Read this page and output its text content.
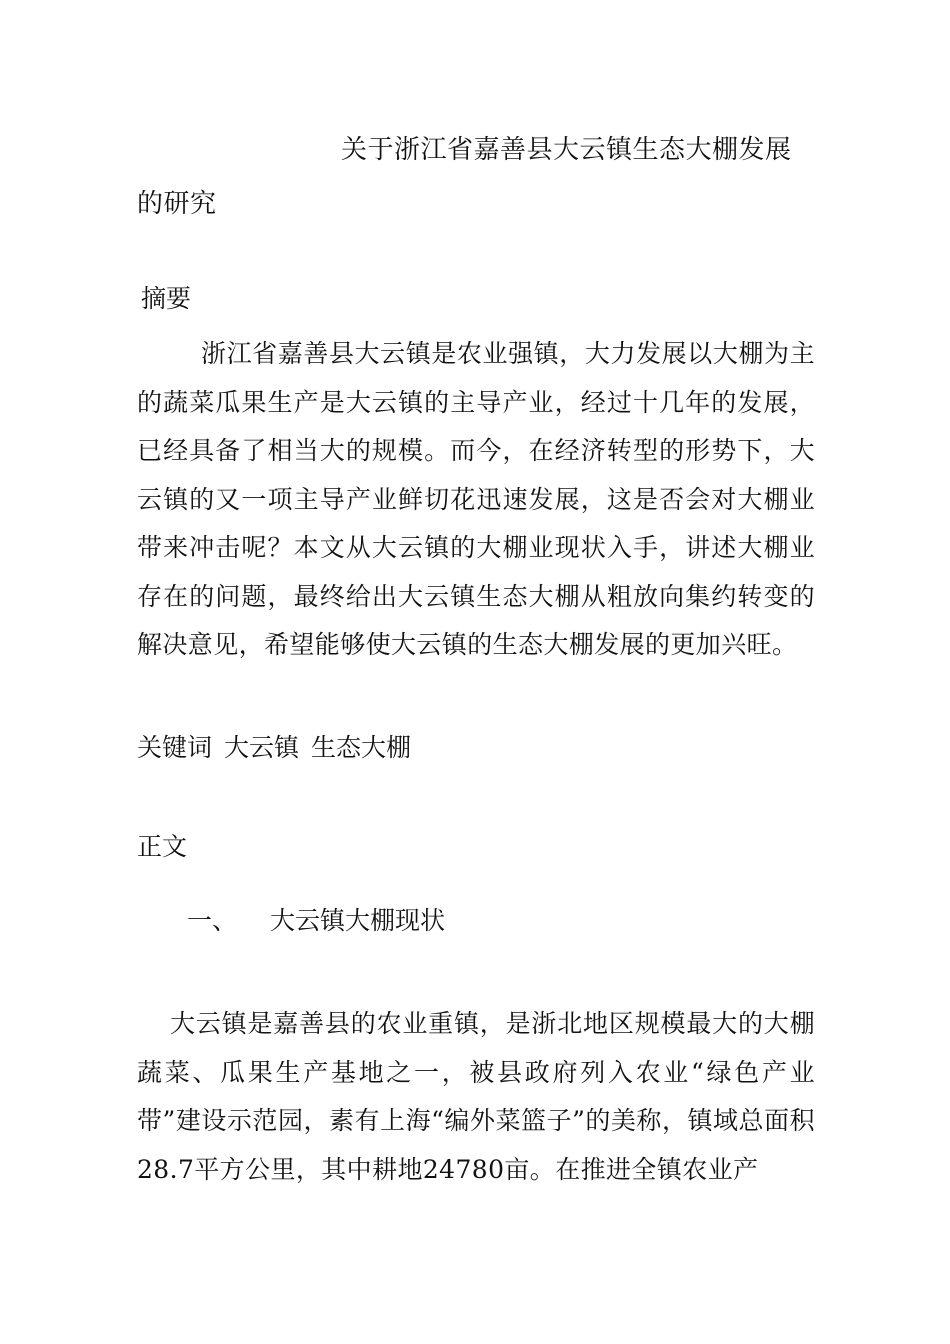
关于浙江省嘉善县大云镇生态大棚发展的研究

摘要

浙江省嘉善县大云镇是农业强镇，大力发展以大棚为主的蔬菜瓜果生产是大云镇的主导产业，经过十几年的发展，已经具备了相当大的规模。而今，在经济转型的形势下，大云镇的又一项主导产业鲜切花迅速发展，这是否会对大棚业带来冲击呢？本文从大云镇的大棚业现状入手，讲述大棚业存在的问题，最终给出大云镇生态大棚从粗放向集约转变的解决意见，希望能够使大云镇的生态大棚发展的更加兴旺。

关键词 大云镇 生态大棚

正文

一、 大云镇大棚现状

大云镇是嘉善县的农业重镇，是浙北地区规模最大的大棚蔬菜、瓜果生产基地之一，被县政府列入农业“绿色产业带”建设示范园，素有上海“编外菜篮子”的美称，镇域总面积28.7平方公里，其中耕地24780亩。在推进全镇农业产
